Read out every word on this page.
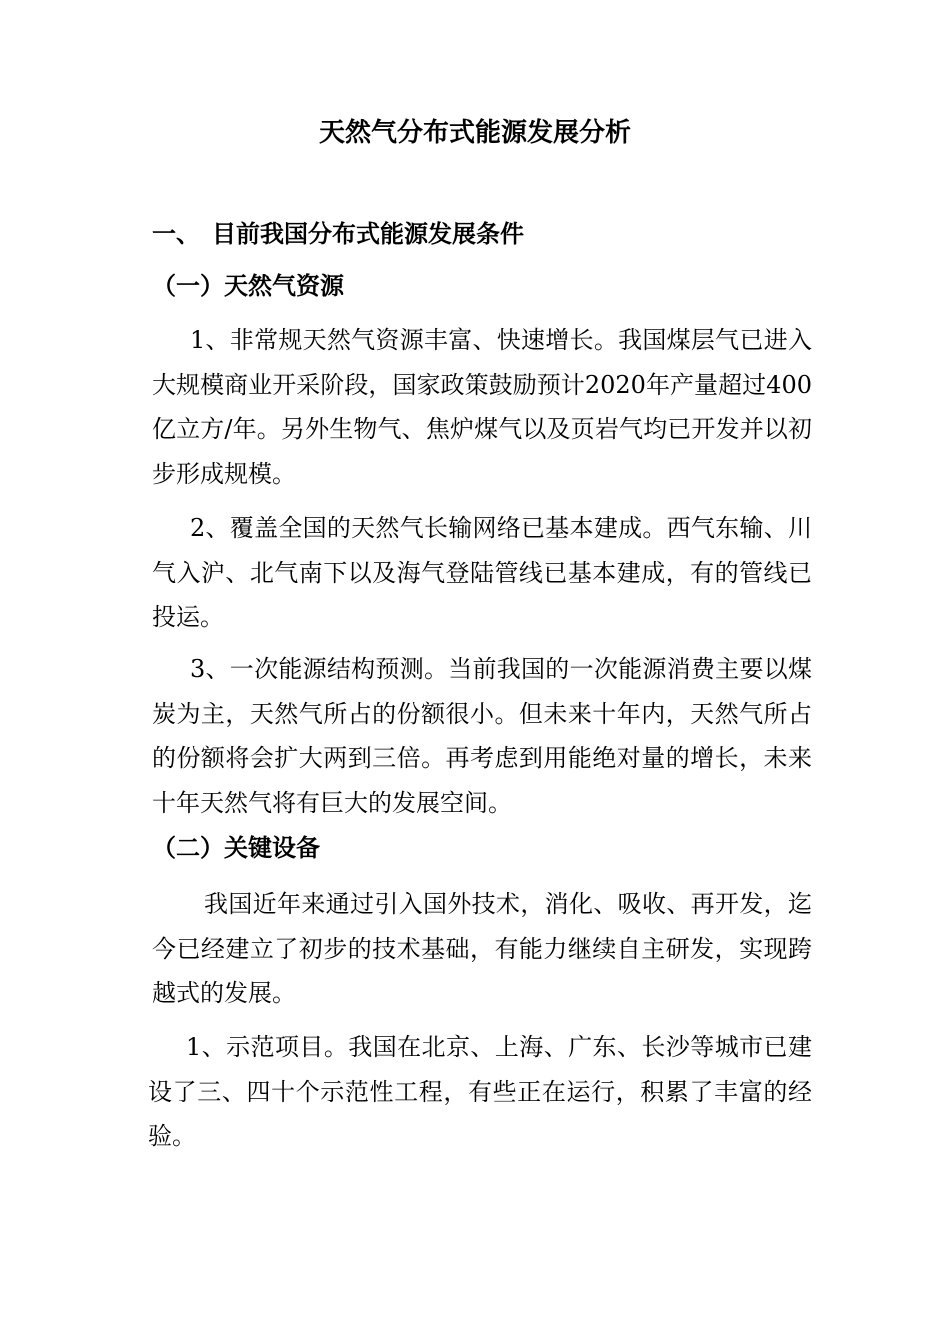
天然气分布式能源发展分析
一、 目前我国分布式能源发展条件
（一）天然气资源

1、非常规天然气资源丰富、快速增长。我国煤层气已进入大规模商业开采阶段，国家政策鼓励预计2020年产量超过400亿立方/年。另外生物气、焦炉煤气以及页岩气均已开发并以初步形成规模。

2、覆盖全国的天然气长输网络已基本建成。西气东输、川气入沪、北气南下以及海气登陆管线已基本建成，有的管线已投运。

3、一次能源结构预测。当前我国的一次能源消费主要以煤炭为主，天然气所占的份额很小。但未来十年内，天然气所占的份额将会扩大两到三倍。再考虑到用能绝对量的增长，未来十年天然气将有巨大的发展空间。

（二）关键设备

我国近年来通过引入国外技术，消化、吸收、再开发，迄今已经建立了初步的技术基础，有能力继续自主研发，实现跨越式的发展。

1、示范项目。我国在北京、上海、广东、长沙等城市已建设了三、四十个示范性工程，有些正在运行，积累了丰富的经验。
